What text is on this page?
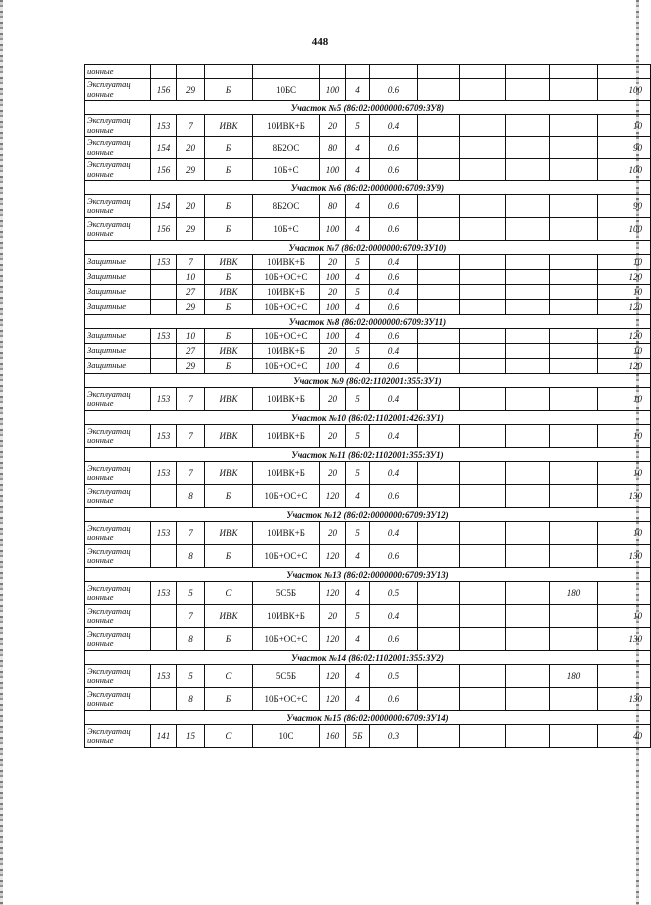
448
ионные												
Эксплуатац ионные	156	29	Б	10БС	100	4	0.6					100
Участок №5 (86:02:0000000:6709:ЗУ8)												
Эксплуатац ионные	153	7	ИВК	10ИВК+Б	20	5	0.4					10
Эксплуатац ионные	154	20	Б	8Б2ОС	80	4	0.6					90
Эксплуатац ионные	156	29	Б	10Б+С	100	4	0.6					100
Участок №6 (86:02:0000000:6709:ЗУ9)												
Эксплуатац ионные	154	20	Б	8Б2ОС	80	4	0.6					90
Эксплуатац ионные	156	29	Б	10Б+С	100	4	0.6					100
Участок №7 (86:02:0000000:6709:ЗУ10)												
Защитные	153	7	ИВК	10ИВК+Б	20	5	0.4					10
Защитные		10	Б	10Б+ОС+С	100	4	0.6					120
Защитные		27	ИВК	10ИВК+Б	20	5	0.4					10
Защитные		29	Б	10Б+ОС+С	100	4	0.6					120
Участок №8 (86:02:0000000:6709:ЗУ11)												
Защитные	153	10	Б	10Б+ОС+С	100	4	0.6					120
Защитные		27	ИВК	10ИВК+Б	20	5	0.4					10
Защитные		29	Б	10Б+ОС+С	100	4	0.6					120
Участок №9 (86:02:1102001:355:ЗУ1)												
Эксплуатац ионные	153	7	ИВК	10ИВК+Б	20	5	0.4					10
Участок №10 (86:02:1102001:426:ЗУ1)												
Эксплуатац ионные	153	7	ИВК	10ИВК+Б	20	5	0.4					10
Участок №11 (86:02:1102001:355:ЗУ1)												
Эксплуатац ионные	153	7	ИВК	10ИВК+Б	20	5	0.4					10
Эксплуатац ионные		8	Б	10Б+ОС+С	120	4	0.6					130
Участок №12 (86:02:0000000:6709:ЗУ12)												
Эксплуатац ионные	153	7	ИВК	10ИВК+Б	20	5	0.4					10
Эксплуатац ионные		8	Б	10Б+ОС+С	120	4	0.6					130
Участок №13 (86:02:0000000:6709:ЗУ13)												
Эксплуатац ионные	153	5	С	5С5Б	120	4	0.5				180	
Эксплуатац ионные		7	ИВК	10ИВК+Б	20	5	0.4					10
Эксплуатац ионные		8	Б	10Б+ОС+С	120	4	0.6					130
Участок №14 (86:02:1102001:355:ЗУ2)												
Эксплуатац ионные	153	5	С	5С5Б	120	4	0.5				180	
Эксплуатац ионные		8	Б	10Б+ОС+С	120	4	0.6					130
Участок №15 (86:02:0000000:6709:ЗУ14)												
Эксплуатац ионные	141	15	С	10С	160	5Б	0.3					40
